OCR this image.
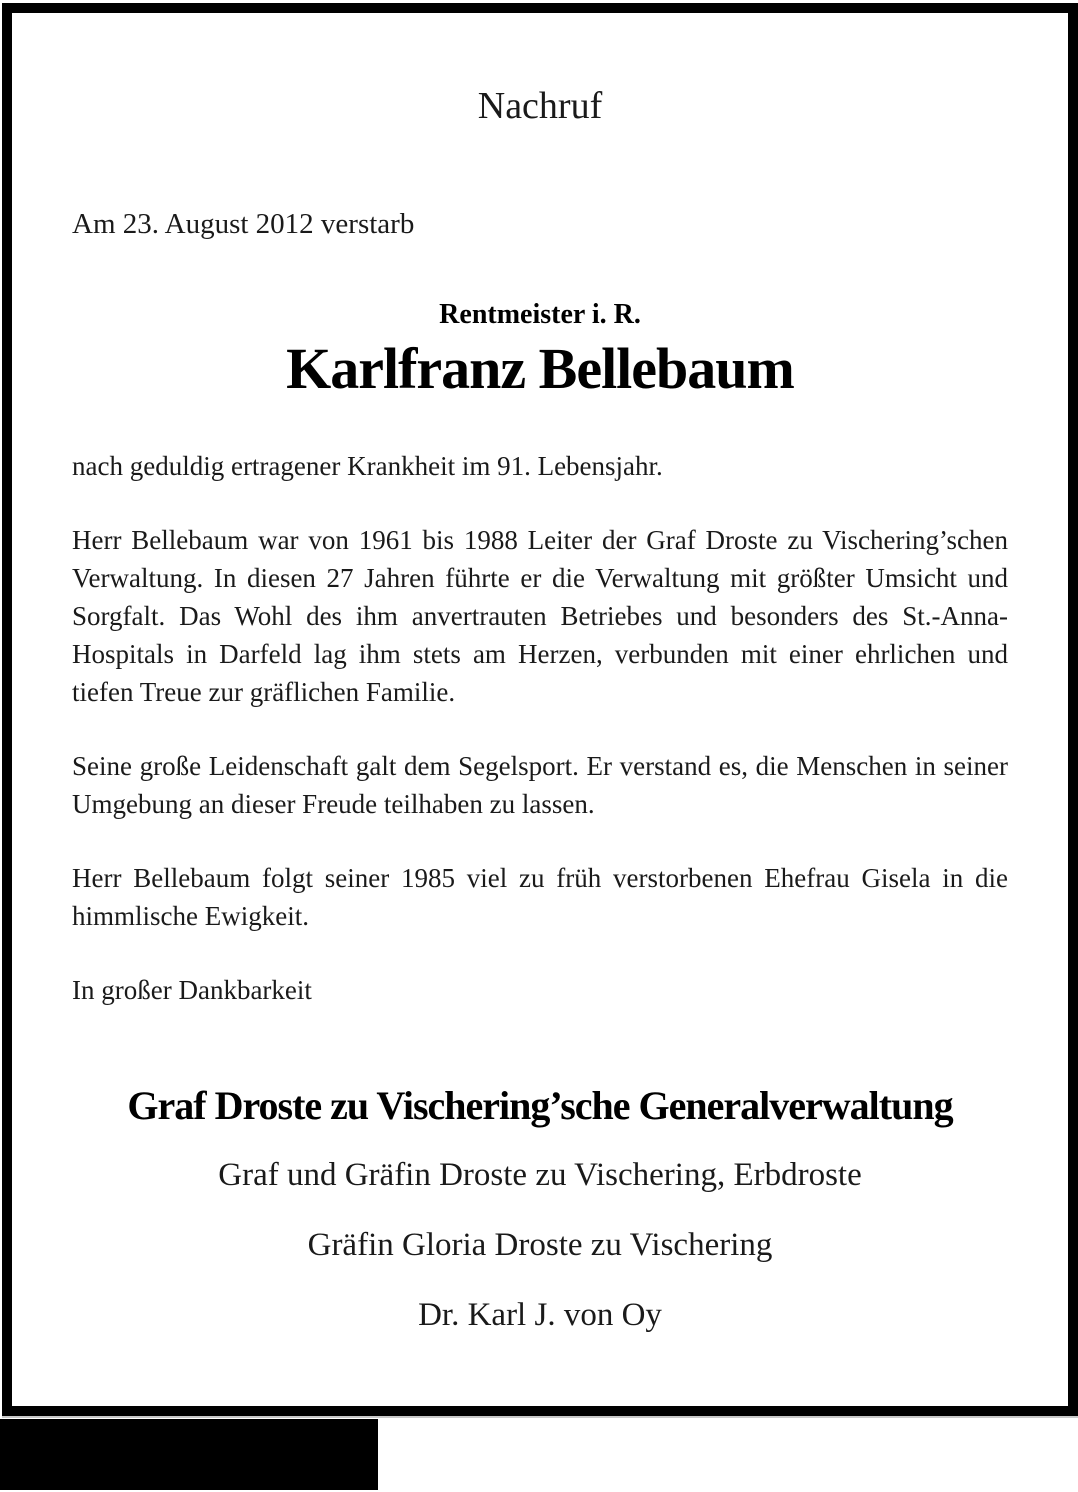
Nachruf
Am 23. August 2012 verstarb
Rentmeister i. R.
Karlfranz Bellebaum

nach geduldig ertragener Krankheit im 91. Lebensjahr.

Herr Bellebaum war von 1961 bis 1988 Leiter der Graf Droste zu Vischering’schen Verwaltung. In diesen 27 Jahren führte er die Verwaltung mit größter Umsicht und Sorgfalt. Das Wohl des ihm anvertrauten Betriebes und besonders des St.-Anna-Hospitals in Darfeld lag ihm stets am Herzen, verbunden mit einer ehrlichen und tiefen Treue zur gräflichen Familie.

Seine große Leidenschaft galt dem Segelsport. Er verstand es, die Menschen in seiner Umgebung an dieser Freude teilhaben zu lassen.

Herr Bellebaum folgt seiner 1985 viel zu früh verstorbenen Ehefrau Gisela in die himmlische Ewigkeit.

In großer Dankbarkeit

Graf Droste zu Vischering’sche Generalverwaltung
Graf und Gräfin Droste zu Vischering, Erbdroste
Gräfin Gloria Droste zu Vischering
Dr. Karl J. von Oy
